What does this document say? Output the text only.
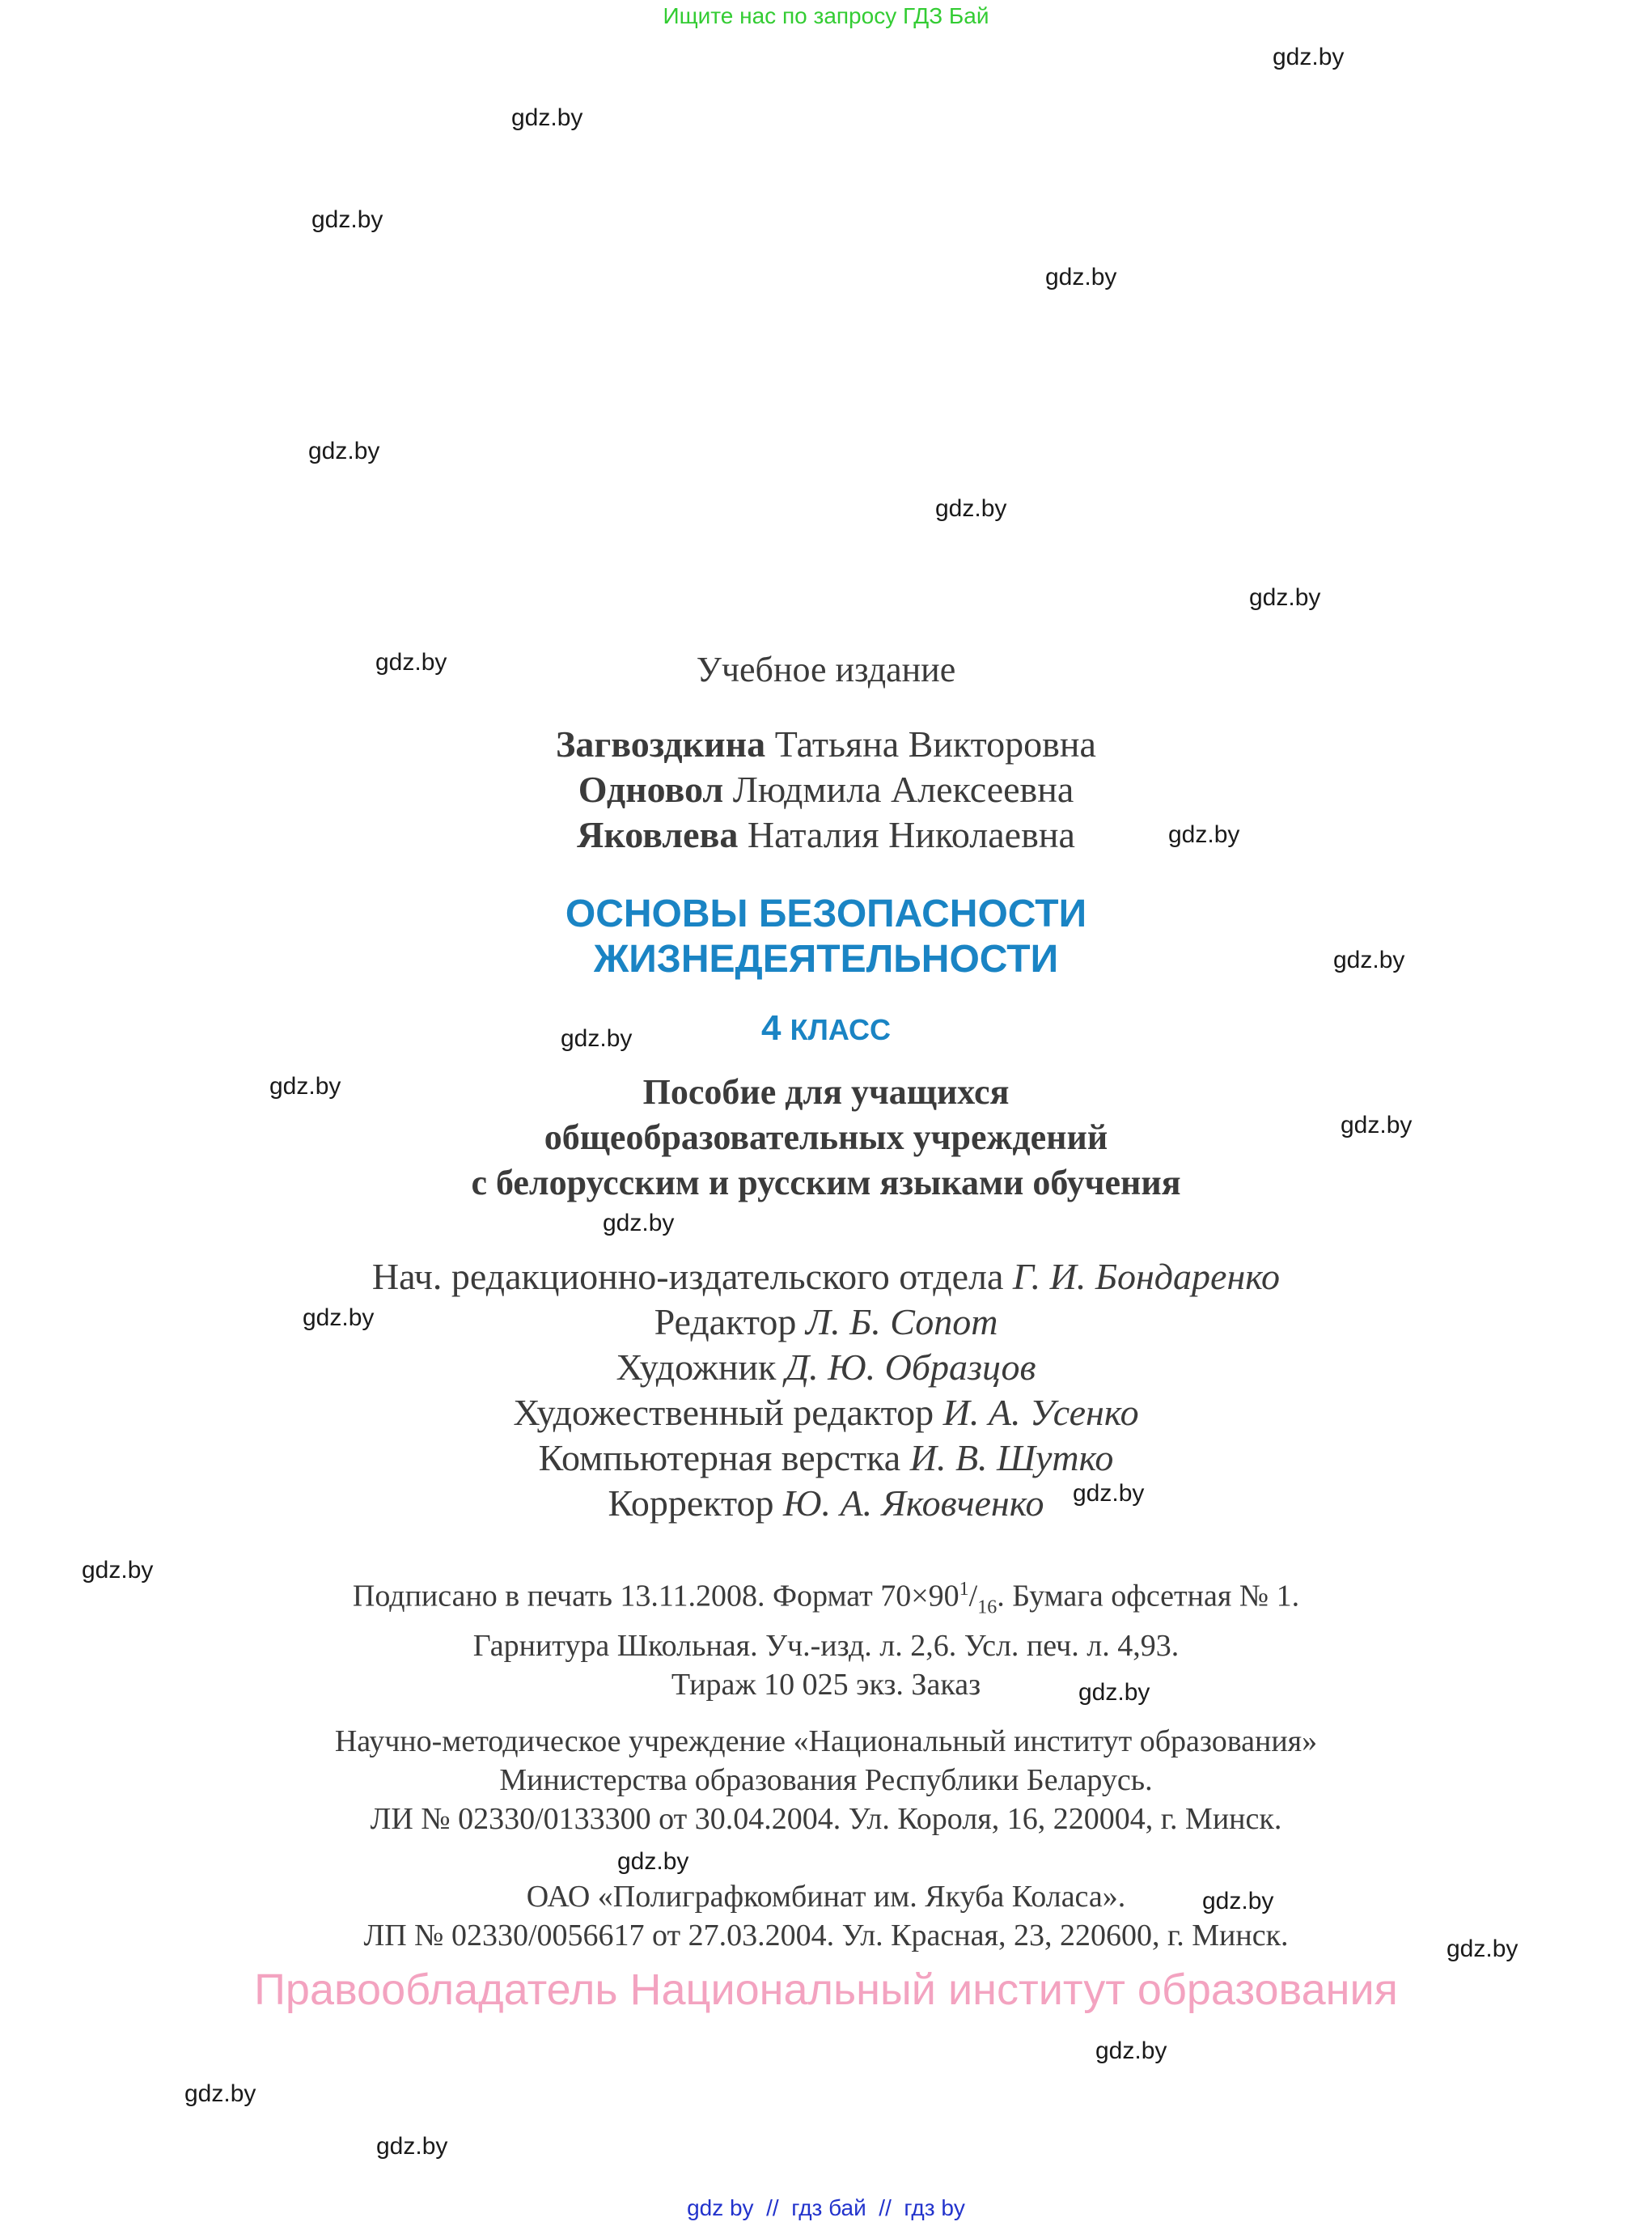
Ищите нас по запросу ГДЗ Бай
gdz.by
gdz.by
gdz.by
gdz.by
gdz.by
gdz.by
gdz.by
gdz.by
gdz.by
gdz.by
gdz.by
gdz.by
gdz.by
gdz.by
gdz.by
gdz.by
gdz.by
gdz.by
gdz.by
gdz.by
gdz.by
gdz.by
gdz.by
gdz.by
Учебное издание
Загвоздкина Татьяна Викторовна
Одновол Людмила Алексеевна
Яковлева Наталия Николаевна
ОСНОВЫ БЕЗОПАСНОСТИ
ЖИЗНЕДЕЯТЕЛЬНОСТИ
4 КЛАСС
Пособие для учащихся
общеобразовательных учреждений
с белорусским и русским языками обучения
Нач. редакционно-издательского отдела Г. И. Бондаренко
Редактор Л. Б. Сопот
Художник Д. Ю. Образцов
Художественный редактор И. А. Усенко
Компьютерная верстка И. В. Шутко
Корректор Ю. А. Яковченко
Подписано в печать 13.11.2008. Формат $70\times 90^1/_{16}$. Бумага офсетная № 1.
Гарнитура Школьная. Уч.-изд. л. 2,6. Усл. печ. л. 4,93.
Тираж 10 025 экз. Заказ
Научно-методическое учреждение «Национальный институт образования»
Министерства образования Республики Беларусь.
ЛИ № 02330/0133300 от 30.04.2004. Ул. Короля, 16, 220004, г. Минск.
ОАО «Полиграфкомбинат им. Якуба Коласа».
ЛП № 02330/0056617 от 27.03.2004. Ул. Красная, 23, 220600, г. Минск.
Правообладатель Национальный институт образования
gdz by  //  гдз бай  //  гдз by
